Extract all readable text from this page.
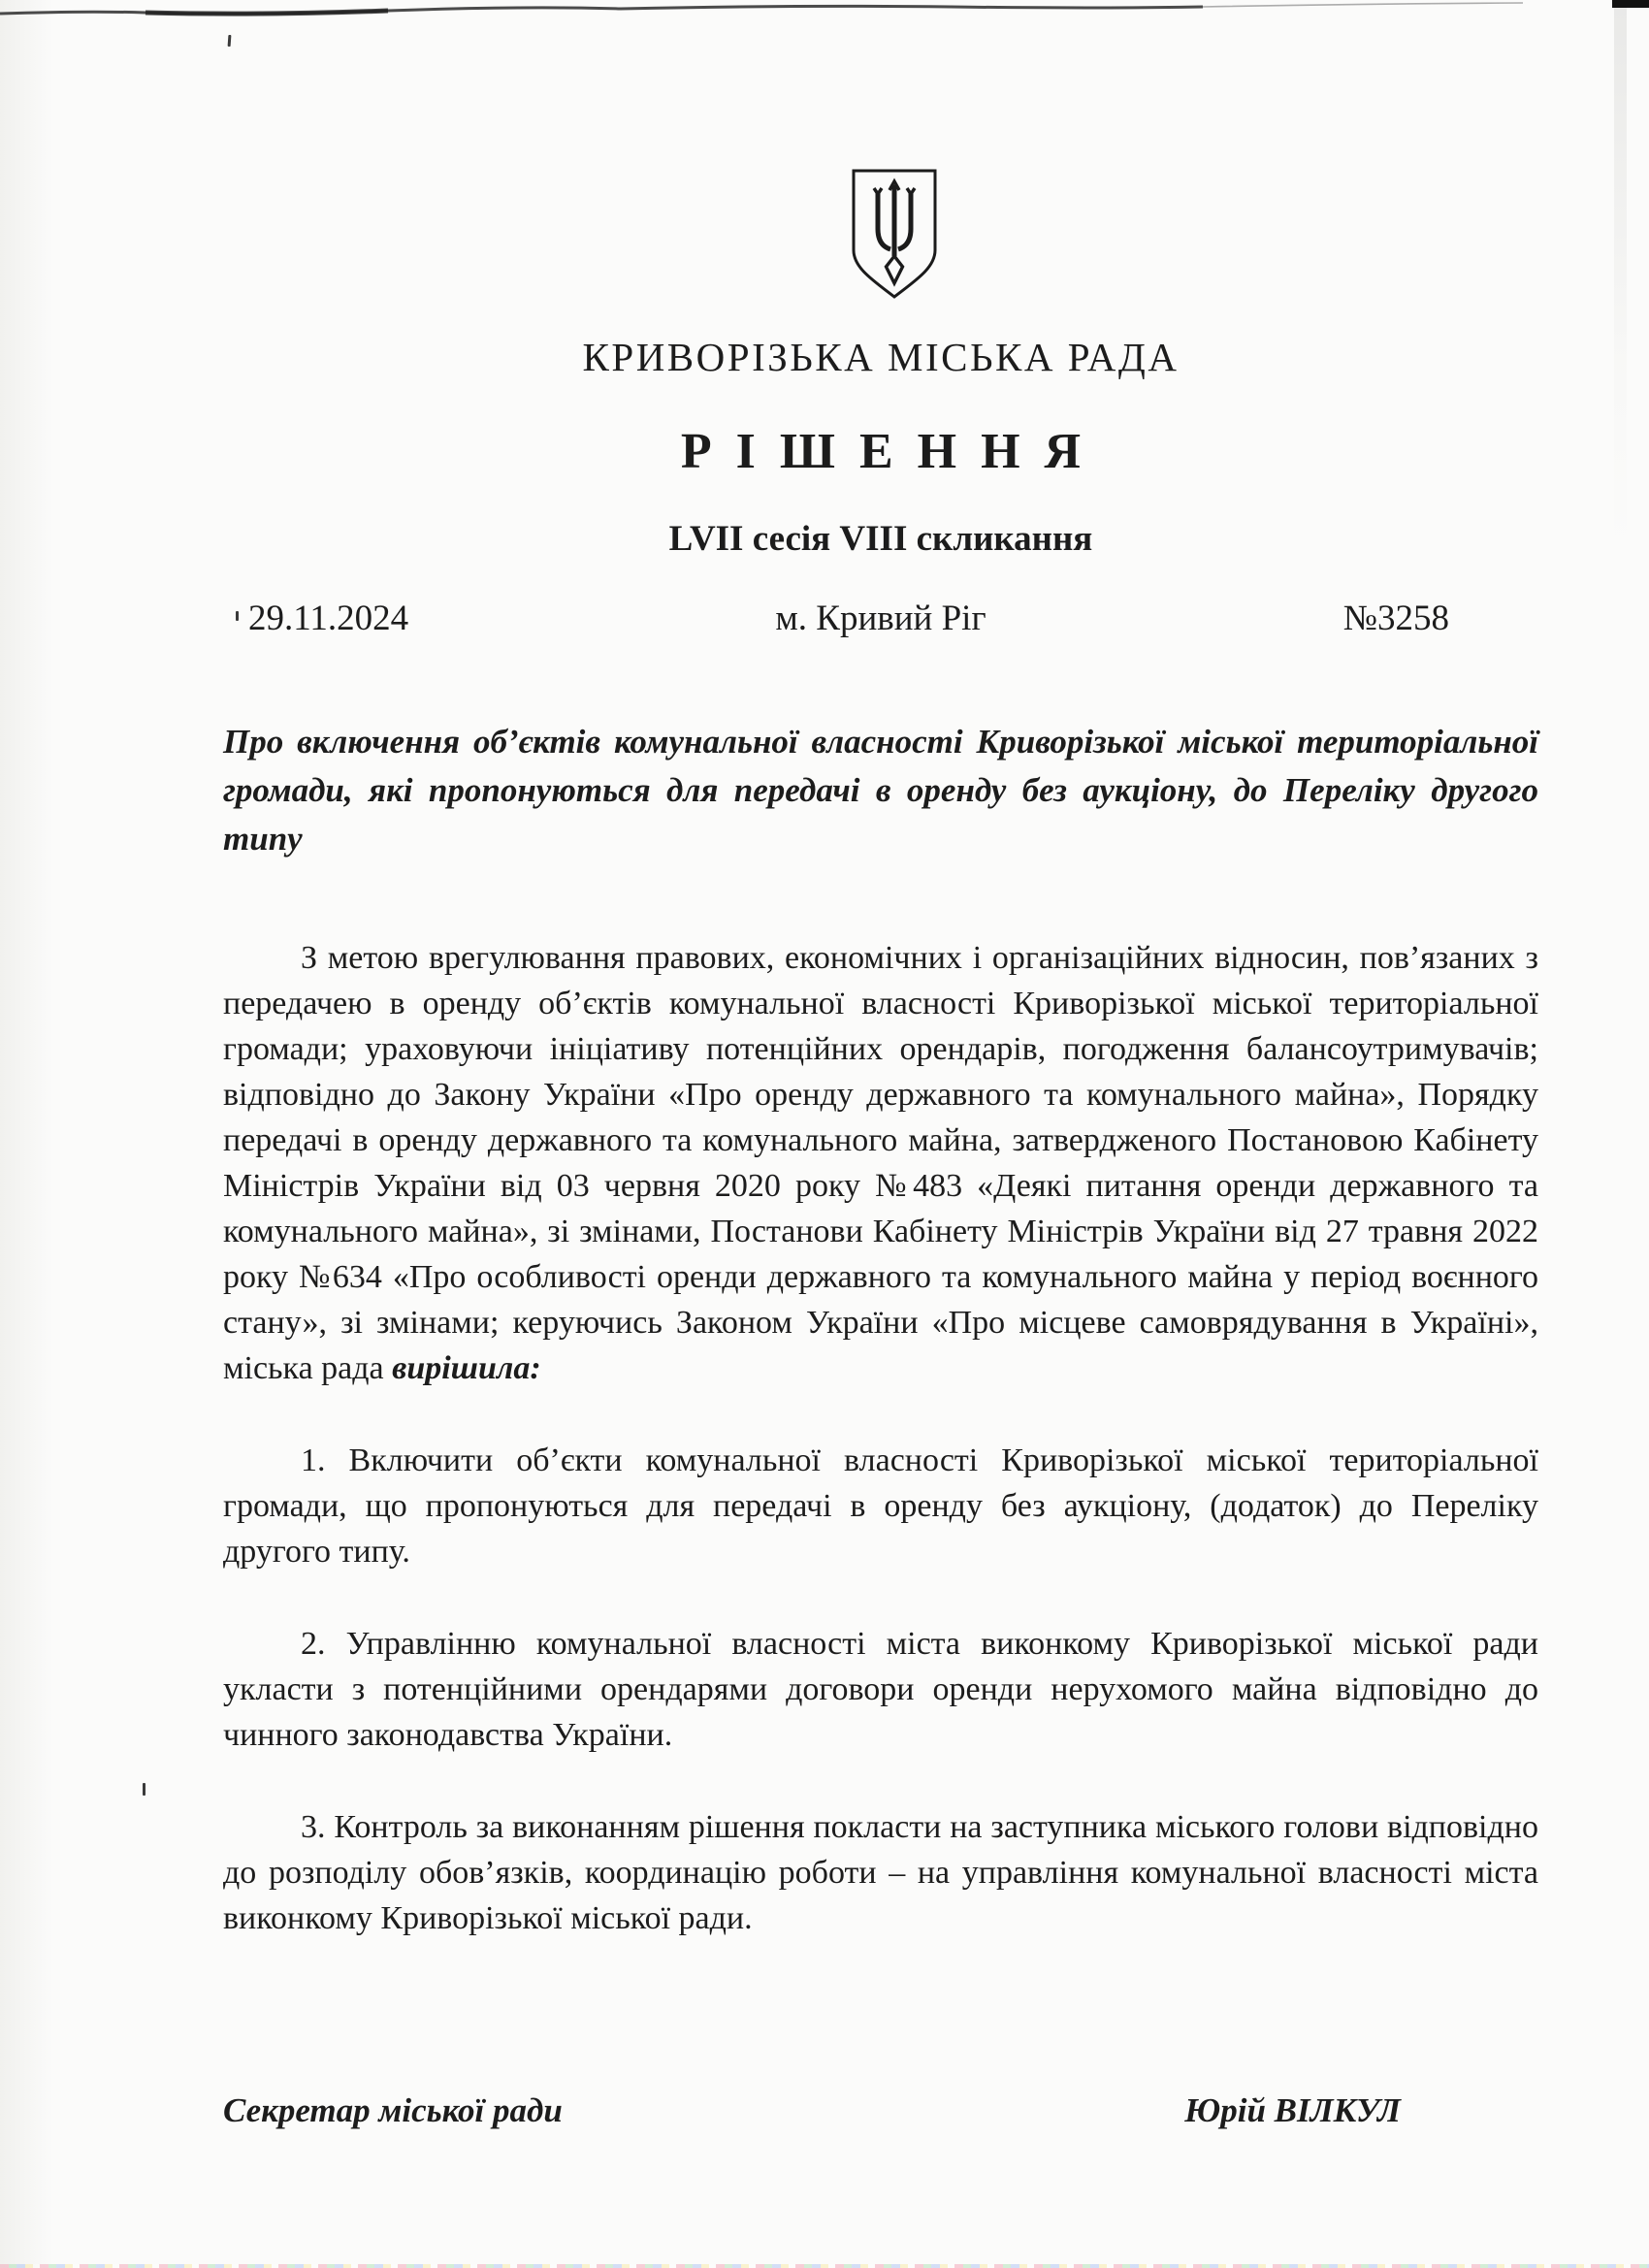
КРИВОРІЗЬКА МІСЬКА РАДА
РІШЕННЯ
LVII сесія VIII скликання
29.11.2024	м. Кривий Ріг	№3258

Про включення об’єктів комунальної власності Криворізької міської територіальної громади, які пропонуються для передачі в оренду без аукціону, до Переліку другого типу

З метою врегулювання правових, економічних і організаційних відносин, пов’язаних з передачею в оренду об’єктів комунальної власності Криворізької міської територіальної громади; ураховуючи ініціативу потенційних орендарів, погодження балансоутримувачів; відповідно до Закону України «Про оренду державного та комунального майна», Порядку передачі в оренду державного та комунального майна, затвердженого Постановою Кабінету Міністрів України від 03 червня 2020 року №483 «Деякі питання оренди державного та комунального майна», зі змінами, Постанови Кабінету Міністрів України від 27 травня 2022 року №634 «Про особливості оренди державного та комунального майна у період воєнного стану», зі змінами; керуючись Законом України «Про місцеве самоврядування в Україні», міська рада вирішила:

1. Включити об’єкти комунальної власності Криворізької міської територіальної громади, що пропонуються для передачі в оренду без аукціону, (додаток) до Переліку другого типу.

2. Управлінню комунальної власності міста виконкому Криворізької міської ради укласти з потенційними орендарями договори оренди нерухомого майна відповідно до чинного законодавства України.

3. Контроль за виконанням рішення покласти на заступника міського голови відповідно до розподілу обов’язків, координацію роботи – на управління комунальної власності міста виконкому Криворізької міської ради.

Секретар міської ради	Юрій ВІЛКУЛ
